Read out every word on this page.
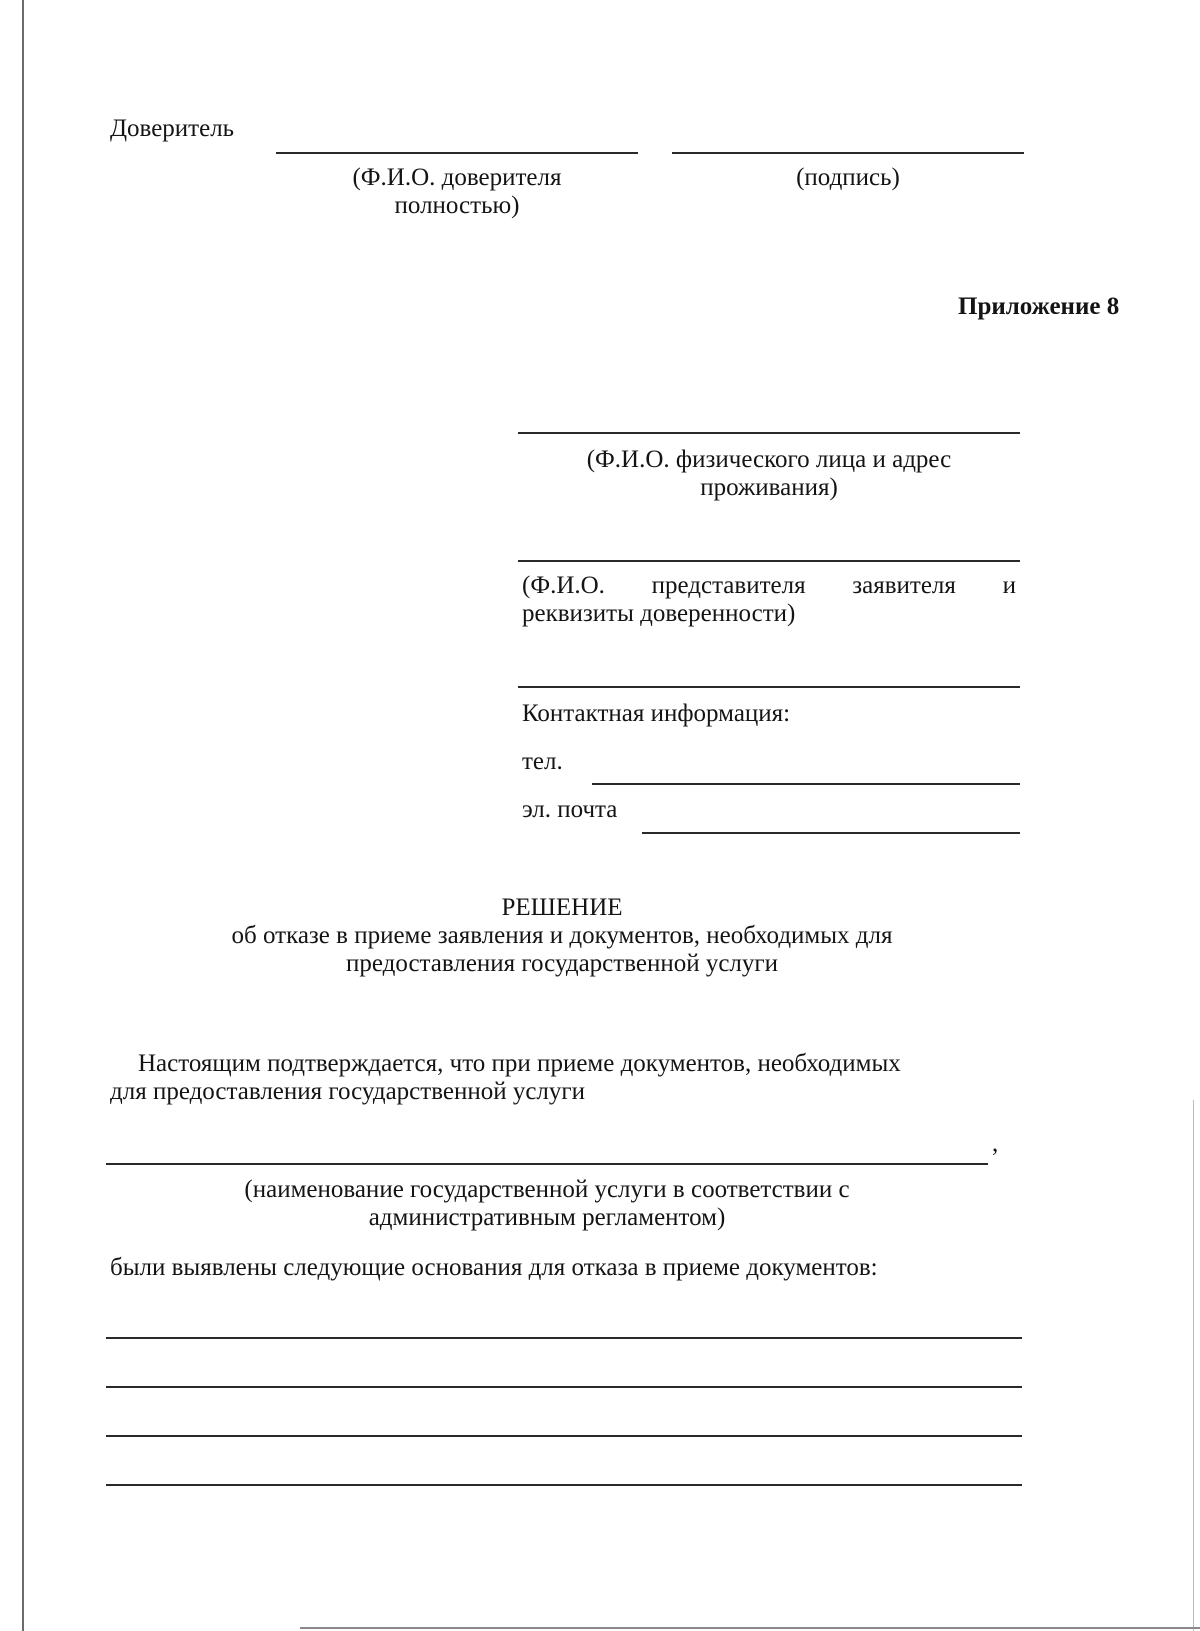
Доверитель
(Ф.И.О. доверителя
полностью)
(подпись)
Приложение 8
(Ф.И.О. физического лица и адрес
проживания)
(Ф.И.О. представителя заявителя и
реквизиты доверенности)
Контактная информация:
тел.
эл. почта
РЕШЕНИЕ
об отказе в приеме заявления и документов, необходимых для
предоставления государственной услуги
Настоящим подтверждается, что при приеме документов, необходимых
для предоставления государственной услуги
,
(наименование государственной услуги в соответствии с
административным регламентом)
были выявлены следующие основания для отказа в приеме документов:
